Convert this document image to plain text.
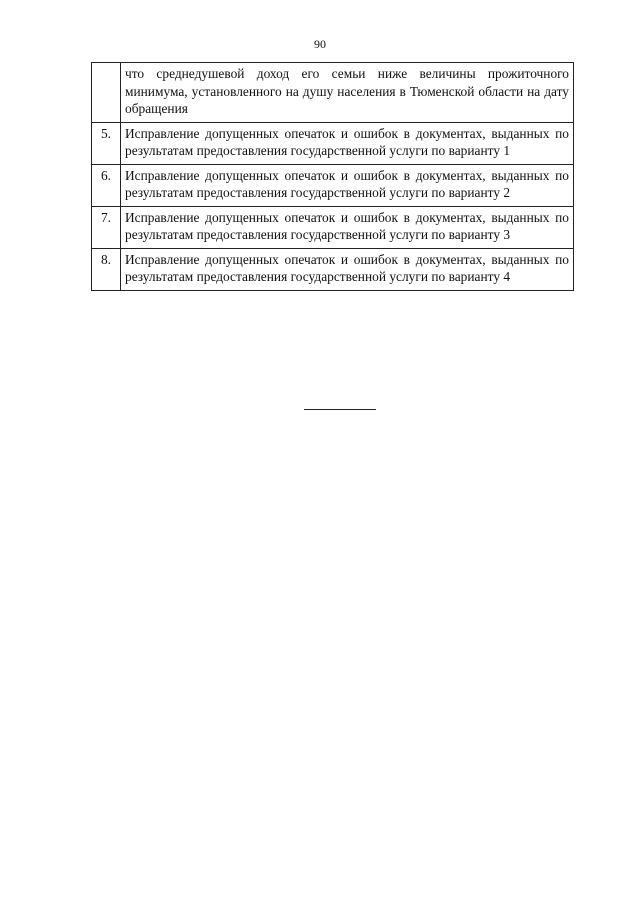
90
	что среднедушевой доход его семьи ниже величины прожиточного минимума, установленного на душу населения в Тюменской области на дату обращения
5.	Исправление допущенных опечаток и ошибок в документах, выданных по результатам предоставления государственной услуги по варианту 1
6.	Исправление допущенных опечаток и ошибок в документах, выданных по результатам предоставления государственной услуги по варианту 2
7.	Исправление допущенных опечаток и ошибок в документах, выданных по результатам предоставления государственной услуги по варианту 3
8.	Исправление допущенных опечаток и ошибок в документах, выданных по результатам предоставления государственной услуги по варианту 4
